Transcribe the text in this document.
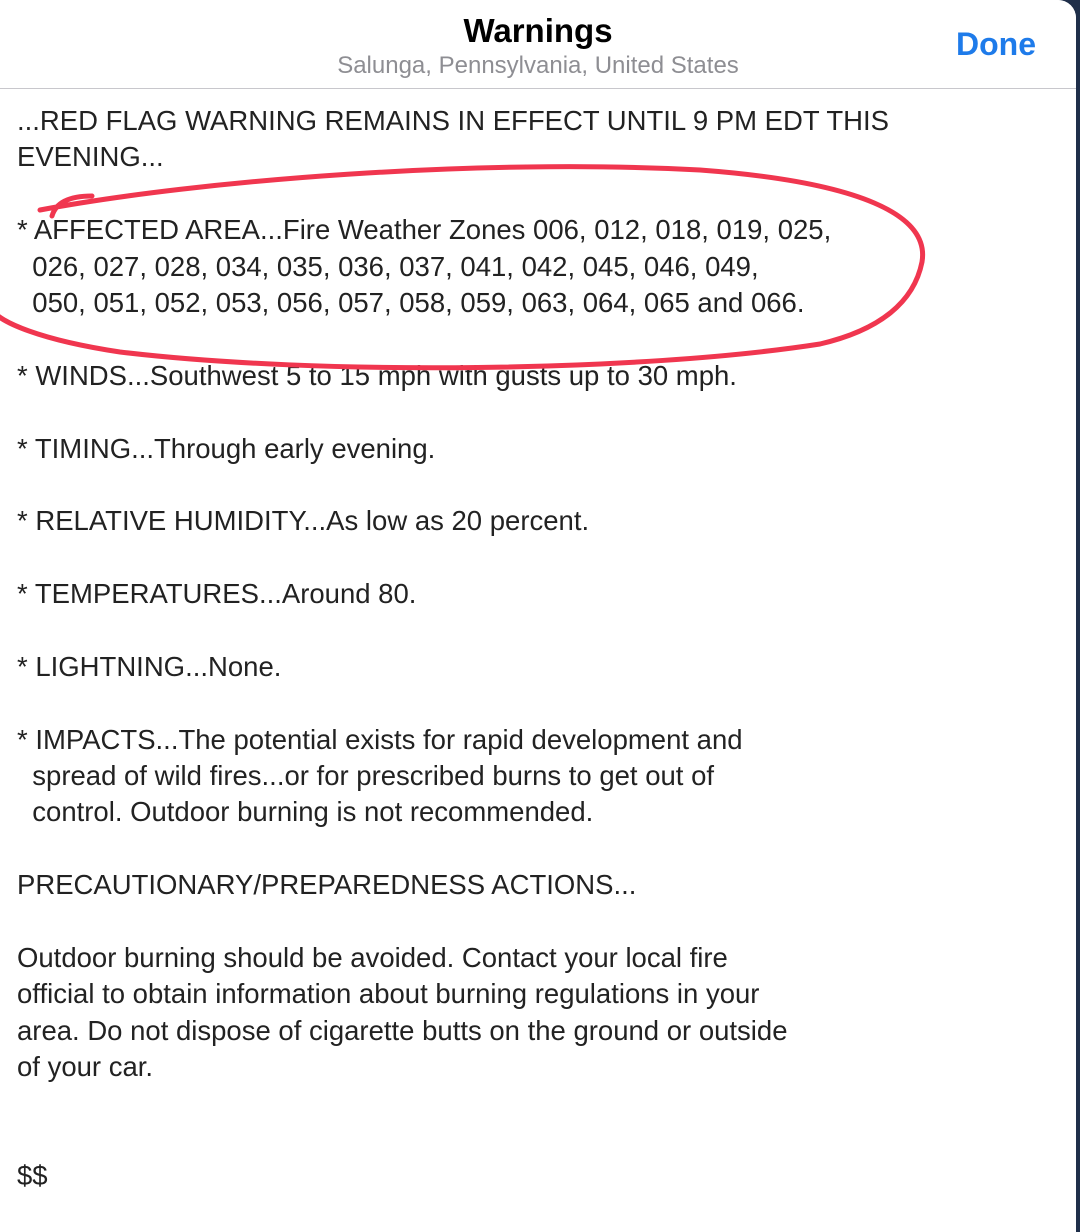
Warnings
Salunga, Pennsylvania, United States
Done
...RED FLAG WARNING REMAINS IN EFFECT UNTIL 9 PM EDT THIS
EVENING...
* AFFECTED AREA...Fire Weather Zones 006, 012, 018, 019, 025,
026, 027, 028, 034, 035, 036, 037, 041, 042, 045, 046, 049,
050, 051, 052, 053, 056, 057, 058, 059, 063, 064, 065 and 066.
* WINDS...Southwest 5 to 15 mph with gusts up to 30 mph.
* TIMING...Through early evening.
* RELATIVE HUMIDITY...As low as 20 percent.
* TEMPERATURES...Around 80.
* LIGHTNING...None.
* IMPACTS...The potential exists for rapid development and
spread of wild fires...or for prescribed burns to get out of
control. Outdoor burning is not recommended.
PRECAUTIONARY/PREPAREDNESS ACTIONS...
Outdoor burning should be avoided. Contact your local fire
official to obtain information about burning regulations in your
area. Do not dispose of cigarette butts on the ground or outside
of your car.
$$
